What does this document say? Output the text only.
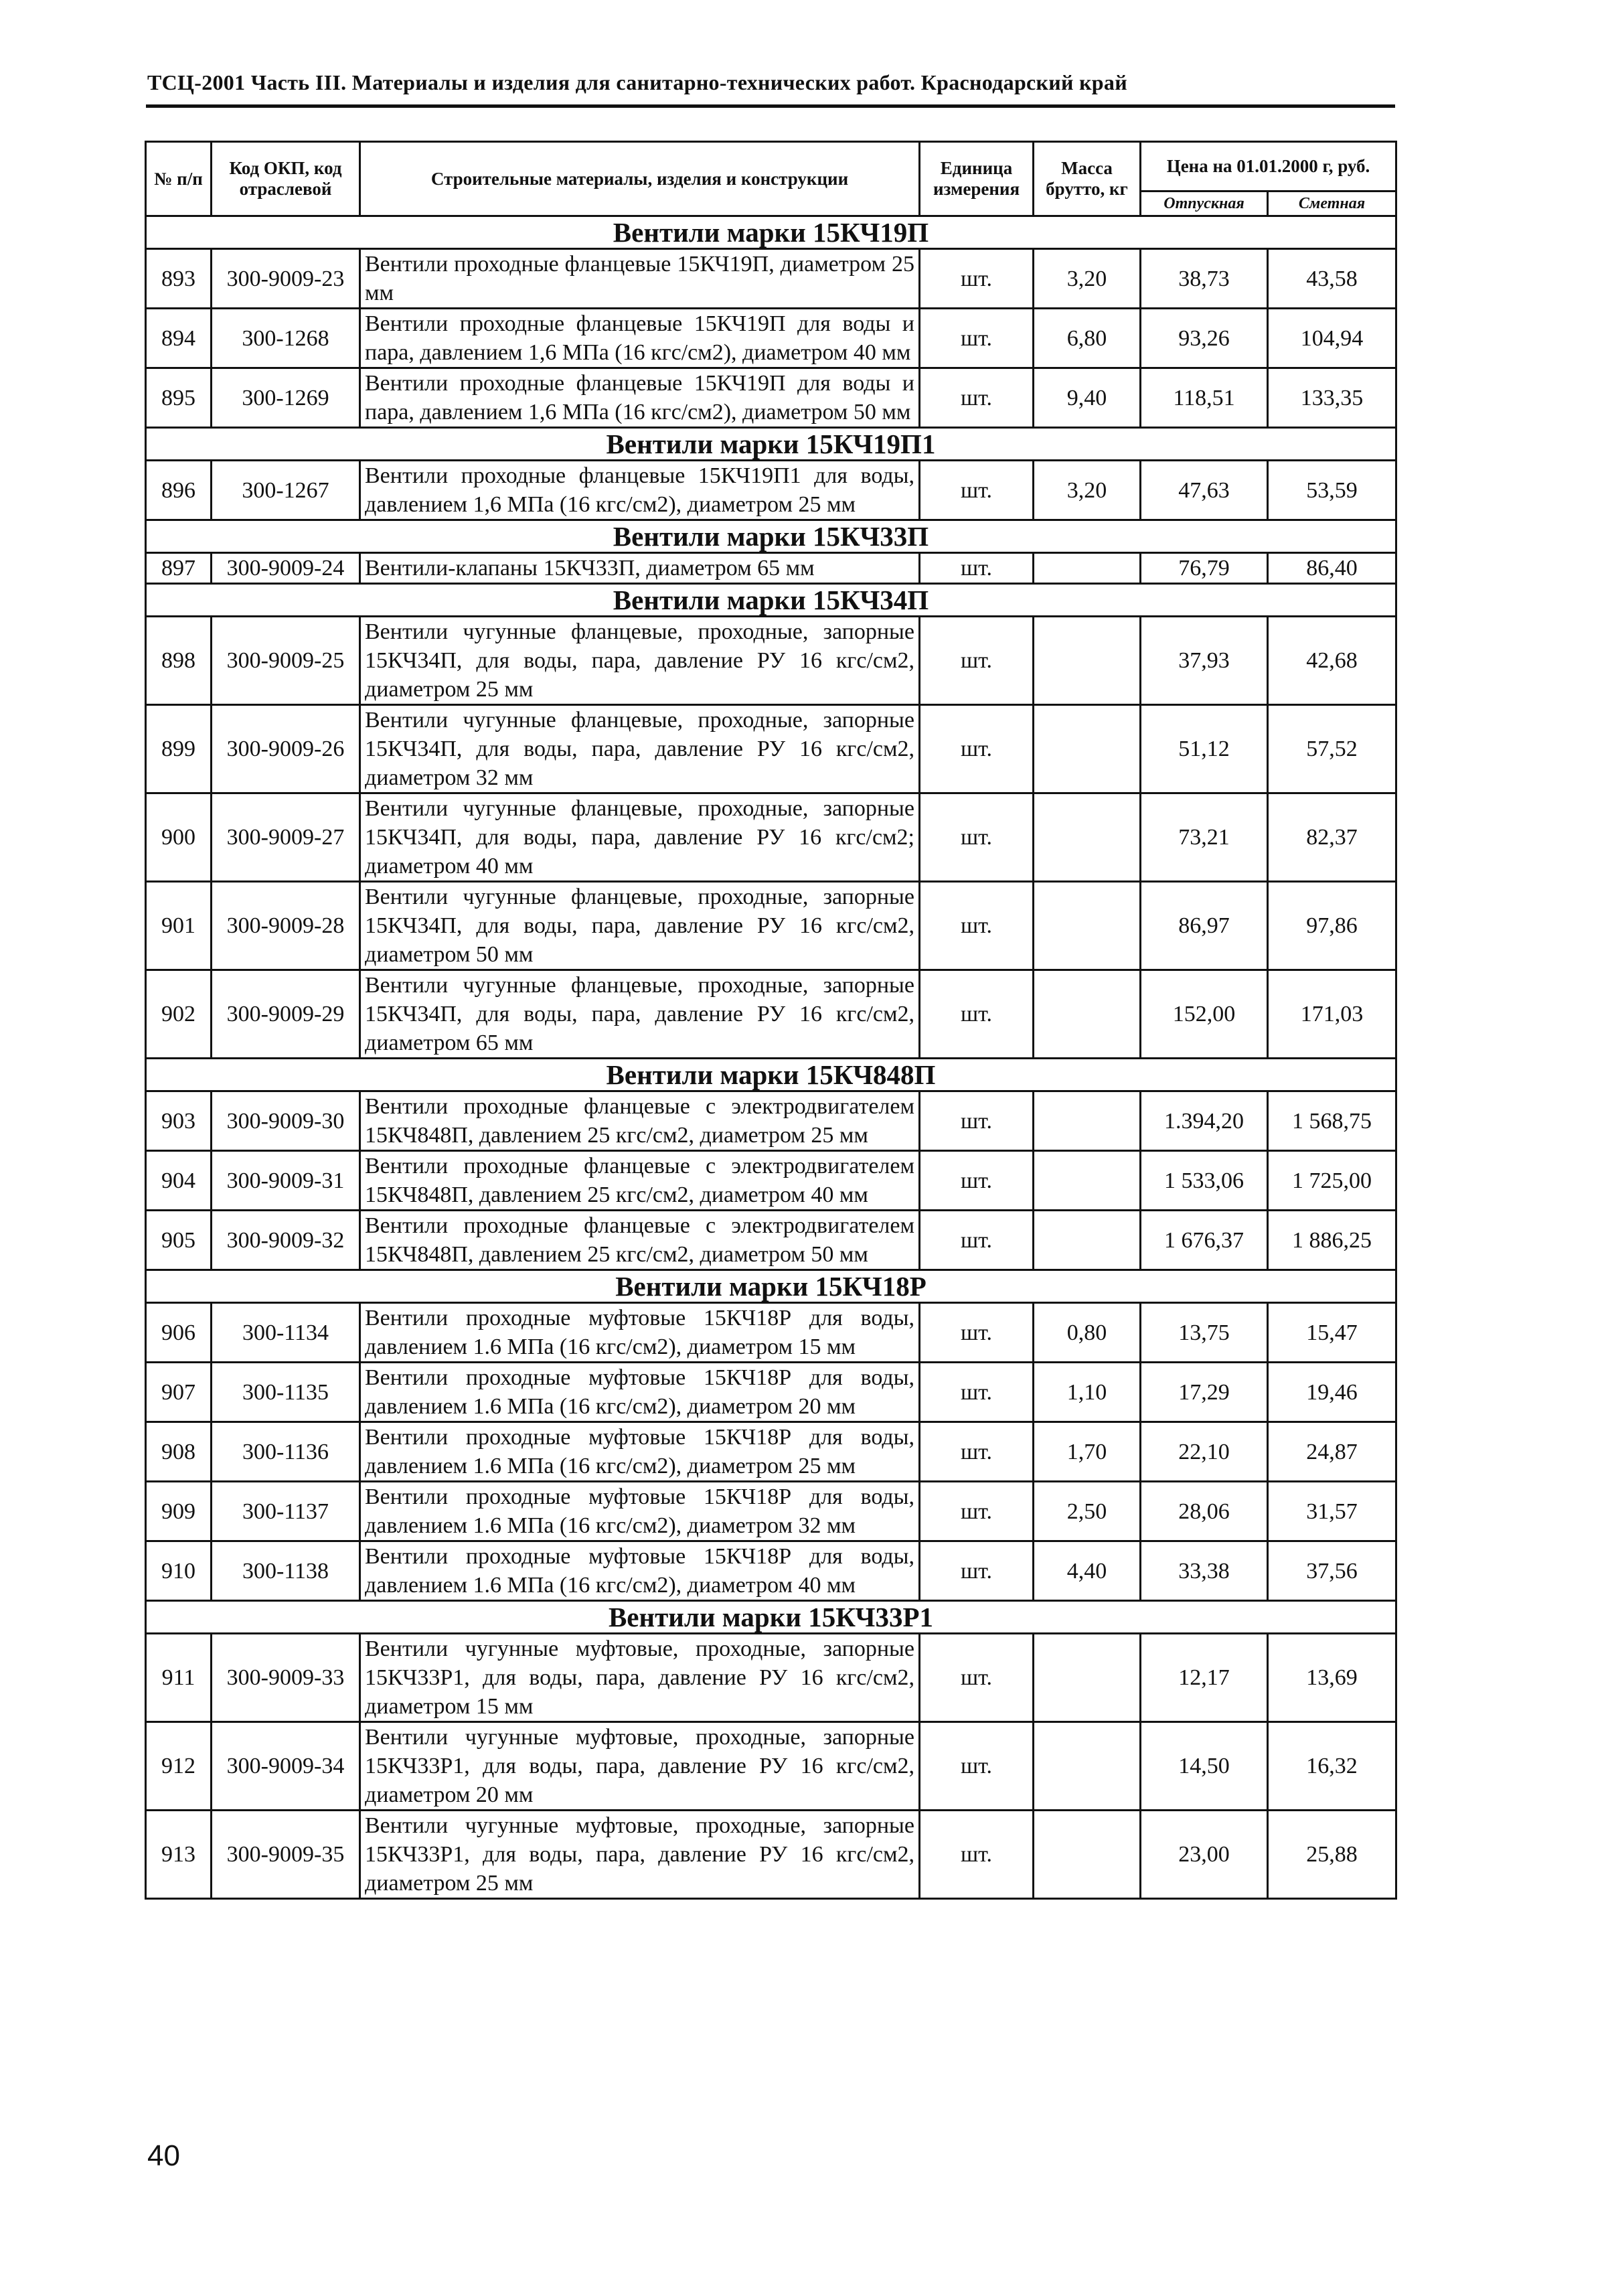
ТСЦ-2001 Часть III. Материалы и изделия для санитарно-технических работ. Краснодарский край
№ п/п	Код ОКП, код отраслевой	Строительные материалы, изделия и конструкции	Единица измерения	Масса брутто, кг	Цена на 01.01.2000 г, руб.	
					Отпускная	Сметная
Вентили марки 15КЧ19П						
893	300-9009-23	Вентили проходные фланцевые 15КЧ19П, диаметром 25 мм	шт.	3,20	38,73	43,58
894	300-1268	Вентили проходные фланцевые 15КЧ19П для воды и пара, давлением 1,6 МПа (16 кгс/см2), диаметром 40 мм	шт.	6,80	93,26	104,94
895	300-1269	Вентили проходные фланцевые 15КЧ19П для воды и пара, давлением 1,6 МПа (16 кгс/см2), диаметром 50 мм	шт.	9,40	118,51	133,35
Вентили марки 15КЧ19П1						
896	300-1267	Вентили проходные фланцевые 15КЧ19П1 для воды, давлением 1,6 МПа (16 кгс/см2), диаметром 25 мм	шт.	3,20	47,63	53,59
Вентили марки 15КЧ33П						
897	300-9009-24	Вентили-клапаны 15КЧ33П, диаметром 65 мм	шт.		76,79	86,40
Вентили марки 15КЧ34П						
898	300-9009-25	Вентили чугунные фланцевые, проходные, запорные 15КЧ34П, для воды, пара, давление РУ 16 кгс/см2, диаметром 25 мм	шт.		37,93	42,68
899	300-9009-26	Вентили чугунные фланцевые, проходные, запорные 15КЧ34П, для воды, пара, давление РУ 16 кгс/см2, диаметром 32 мм	шт.		51,12	57,52
900	300-9009-27	Вентили чугунные фланцевые, проходные, запорные 15КЧ34П, для воды, пара, давление РУ 16 кгс/см2; диаметром 40 мм	шт.		73,21	82,37
901	300-9009-28	Вентили чугунные фланцевые, проходные, запорные 15КЧ34П, для воды, пара, давление РУ 16 кгс/см2, диаметром 50 мм	шт.		86,97	97,86
902	300-9009-29	Вентили чугунные фланцевые, проходные, запорные 15КЧ34П, для воды, пара, давление РУ 16 кгс/см2, диаметром 65 мм	шт.		152,00	171,03
Вентили марки 15КЧ848П						
903	300-9009-30	Вентили проходные фланцевые с электродвигателем 15КЧ848П, давлением 25 кгс/см2, диаметром 25 мм	шт.		1.394,20	1 568,75
904	300-9009-31	Вентили проходные фланцевые с электродвигателем 15КЧ848П, давлением 25 кгс/см2, диаметром 40 мм	шт.		1 533,06	1 725,00
905	300-9009-32	Вентили проходные фланцевые с электродвигателем 15КЧ848П, давлением 25 кгс/см2, диаметром 50 мм	шт.		1 676,37	1 886,25
Вентили марки 15КЧ18Р						
906	300-1134	Вентили проходные муфтовые 15КЧ18Р для воды, давлением 1.6 МПа (16 кгс/см2), диаметром 15 мм	шт.	0,80	13,75	15,47
907	300-1135	Вентили проходные муфтовые 15КЧ18Р для воды, давлением 1.6 МПа (16 кгс/см2), диаметром 20 мм	шт.	1,10	17,29	19,46
908	300-1136	Вентили проходные муфтовые 15КЧ18Р для воды, давлением 1.6 МПа (16 кгс/см2), диаметром 25 мм	шт.	1,70	22,10	24,87
909	300-1137	Вентили проходные муфтовые 15КЧ18Р для воды, давлением 1.6 МПа (16 кгс/см2), диаметром 32 мм	шт.	2,50	28,06	31,57
910	300-1138	Вентили проходные муфтовые 15КЧ18Р для воды, давлением 1.6 МПа (16 кгс/см2), диаметром 40 мм	шт.	4,40	33,38	37,56
Вентили марки 15КЧ33Р1						
911	300-9009-33	Вентили чугунные муфтовые, проходные, запорные 15КЧ33Р1, для воды, пара, давление РУ 16 кгс/см2, диаметром 15 мм	шт.		12,17	13,69
912	300-9009-34	Вентили чугунные муфтовые, проходные, запорные 15КЧ33Р1, для воды, пара, давление РУ 16 кгс/см2, диаметром 20 мм	шт.		14,50	16,32
913	300-9009-35	Вентили чугунные муфтовые, проходные, запорные 15КЧ33Р1, для воды, пара, давление РУ 16 кгс/см2, диаметром 25 мм	шт.		23,00	25,88
40
